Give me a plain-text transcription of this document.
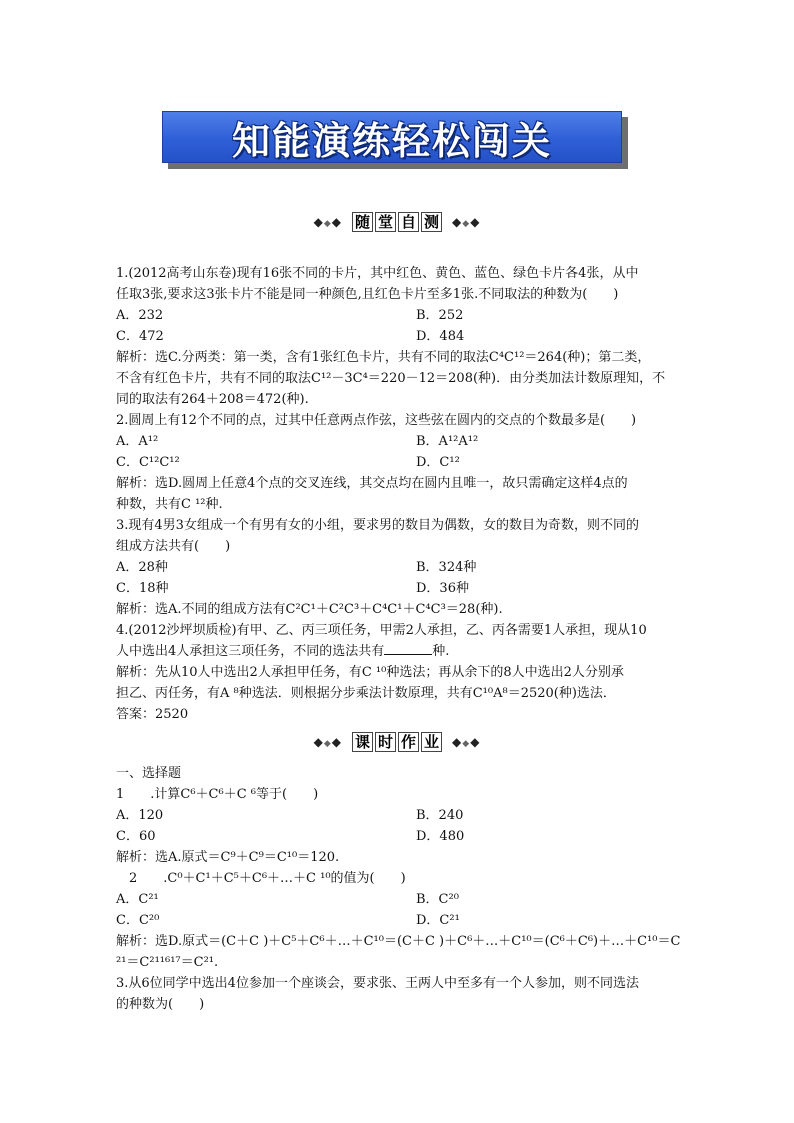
知能演练轻松闯关
◆◆◆ 随 堂 自 测 ◆◆◆

1.(2012高考山东卷)现有16张不同的卡片，其中红色、黄色、蓝色、绿色卡片各4张，从中

任取3张,要求这3张卡片不能是同一种颜色,且红色卡片至多1张.不同取法的种数为(　　)

A．232	B．252
C．472	D．484

解析：选C.分两类：第一类，含有1张红色卡片，共有不同的取法C⁴C¹²＝264(种)；第二类，

不含有红色卡片，共有不同的取法C¹²－3C⁴＝220－12＝208(种)．由分类加法计数原理知，不

同的取法有264＋208＝472(种).

2.圆周上有12个不同的点，过其中任意两点作弦，这些弦在圆内的交点的个数最多是(　　)

A．A¹²	B．A¹²A¹²
C．C¹²C¹²	D．C¹²

解析：选D.圆周上任意4个点的交叉连线，其交点均在圆内且唯一，故只需确定这样4点的

种数，共有C ¹²种.

3.现有4男3女组成一个有男有女的小组，要求男的数目为偶数，女的数目为奇数，则不同的

组成方法共有(　　)

A．28种	B．324种
C．18种	D．36种

解析：选A.不同的组成方法有C²C¹＋C²C³＋C⁴C¹＋C⁴C³＝28(种).

4.(2012沙坪坝质检)有甲、乙、丙三项任务，甲需2人承担，乙、丙各需要1人承担，现从10

人中选出4人承担这三项任务，不同的选法共有	种.

解析：先从10人中选出2人承担甲任务，有C ¹⁰种选法；再从余下的8人中选出2人分别承

担乙、丙任务，有A ⁸种选法．则根据分步乘法计数原理，共有C¹⁰A⁸＝2520(种)选法．

答案：2520

◆◆◆ 课 时 作 业 ◆◆◆

一、选择题

1　　.计算C⁶＋C⁶＋C ⁶等于(　　)

A．120	B．240
C．60	D．480

解析：选A.原式＝C⁹＋C⁹＝C¹⁰＝120.

　2　　.C⁰＋C¹＋C⁵＋C⁶＋…＋C ¹⁰的值为(　　)

A．C²¹	B．C²⁰
C．C²⁰	D．C²¹

解析：选D.原式＝(C＋C )＋C⁵＋C⁶＋…＋C¹⁰＝(C＋C )＋C⁶＋…＋C¹⁰＝(C⁶＋C⁶)＋…＋C¹⁰＝C

²¹＝C²¹¹⁶¹⁷＝C²¹.

3.从6位同学中选出4位参加一个座谈会，要求张、王两人中至多有一个人参加，则不同选法

的种数为(　　)
